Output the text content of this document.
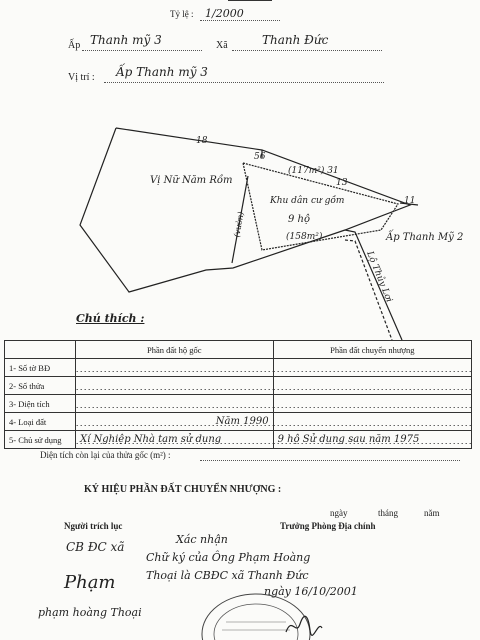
Tỷ lệ : 1/2000
Ấp Thanh mỹ 3	Xã	Thanh Đức
Vị trí : Ấp Thanh mỹ 3
18
56
(117m²) 31
13
11
Vị Nữ Năm Rồm
(vườn)
Khu dân cư gồm
9 hộ
(158m²)
Lộ Thủy Lợi
Ấp Thanh Mỹ 2
Chú thích :
	Phần đất hộ gốc	Phần đất chuyển nhượng
1- Số tờ BĐ		
2- Số thửa		
3- Diện tích		
4- Loại đất	Năm 1990	
5- Chủ sử dụng	Xí Nghiệp Nhà tạm sử dụng	9 hộ Sử dụng sau năm 1975
Diện tích còn lại của thửa gốc (m²) :
KÝ HIỆU PHẦN ĐẤT CHUYỂN NHƯỢNG :
ngày	tháng	năm
Người trích lục	Trưởng Phòng Địa chính
CB ĐC xã
Phạm
phạm hoàng Thoại
Xác nhận
Chữ ký của Ông Phạm Hoàng
Thoại là CBĐC xã Thanh Đức
ngày 16/10/2001
